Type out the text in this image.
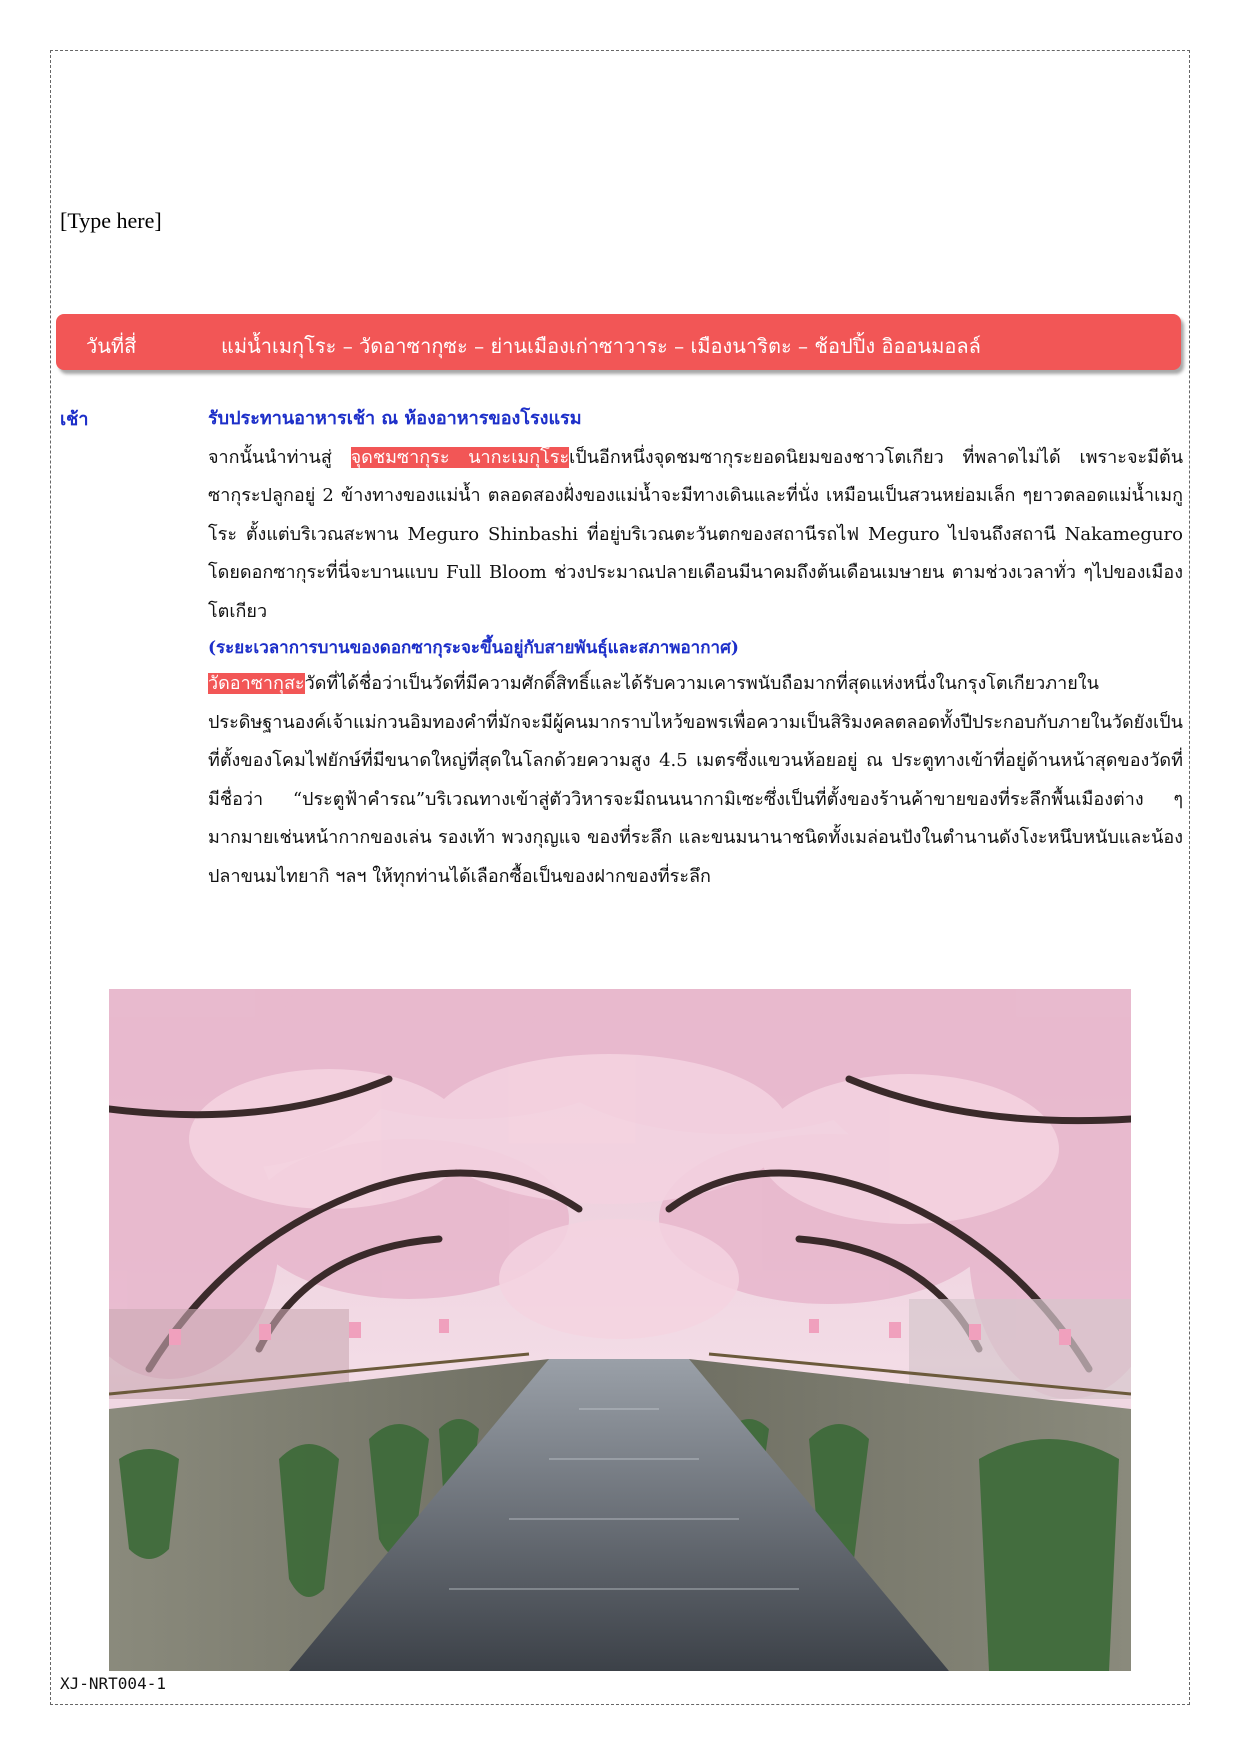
[Type here]
วันที่สี่	แม่น้ำเมกุโระ – วัดอาซากุซะ – ย่านเมืองเก่าซาวาระ – เมืองนาริตะ – ช้อปปิ้ง อิออนมอลล์
เช้า	รับประทานอาหารเช้า ณ ห้องอาหารของโรงแรม

จากนั้นนำท่านสู่ จุดชมซากุระ นากะเมกุโระเป็นอีกหนึ่งจุดชมซากุระยอดนิยมของชาวโตเกียว ที่พลาดไม่ได้ เพราะจะมีต้นซากุระปลูกอยู่ 2 ข้างทางของแม่น้ำ ตลอดสองฝั่งของแม่น้ำจะมีทางเดินและที่นั่ง เหมือนเป็นสวนหย่อมเล็ก ๆยาวตลอดแม่น้ำเมกูโระ ตั้งแต่บริเวณสะพาน Meguro Shinbashi ที่อยู่บริเวณตะวันตกของสถานีรถไฟ Meguro ไปจนถึงสถานี Nakameguro โดยดอกซากุระที่นี่จะบานแบบ Full Bloom ช่วงประมาณปลายเดือนมีนาคมถึงต้นเดือนเมษายน ตามช่วงเวลาทั่ว ๆไปของเมืองโตเกียว

(ระยะเวลาการบานของดอกซากุระจะขึ้นอยู่กับสายพันธุ์และสภาพอากาศ)

วัดอาซากุสะวัดที่ได้ชื่อว่าเป็นวัดที่มีความศักดิ์สิทธิ์และได้รับความเคารพนับถือมากที่สุดแห่งหนึ่งในกรุงโตเกียวภายในประดิษฐานองค์เจ้าแม่กวนอิมทองคำที่มักจะมีผู้คนมากราบไหว้ขอพรเพื่อความเป็นสิริมงคลตลอดทั้งปีประกอบกับภายในวัดยังเป็นที่ตั้งของโคมไฟยักษ์ที่มีขนาดใหญ่ที่สุดในโลกด้วยความสูง 4.5 เมตรซึ่งแขวนห้อยอยู่ ณ ประตูทางเข้าที่อยู่ด้านหน้าสุดของวัดที่มีชื่อว่า “ประตูฟ้าคำรณ”บริเวณทางเข้าสู่ตัววิหารจะมีถนนนากามิเซะซึ่งเป็นที่ตั้งของร้านค้าขายของที่ระลึกพื้นเมืองต่าง ๆมากมายเช่นหน้ากากของเล่น รองเท้า พวงกุญแจ ของที่ระลึก และขนมนานาชนิดทั้งเมล่อนปังในตำนานดังโงะหนึบหนับและน้องปลาขนมไทยากิ ฯลฯ ให้ทุกท่านได้เลือกซื้อเป็นของฝากของที่ระลึก

XJ-NRT004-1
